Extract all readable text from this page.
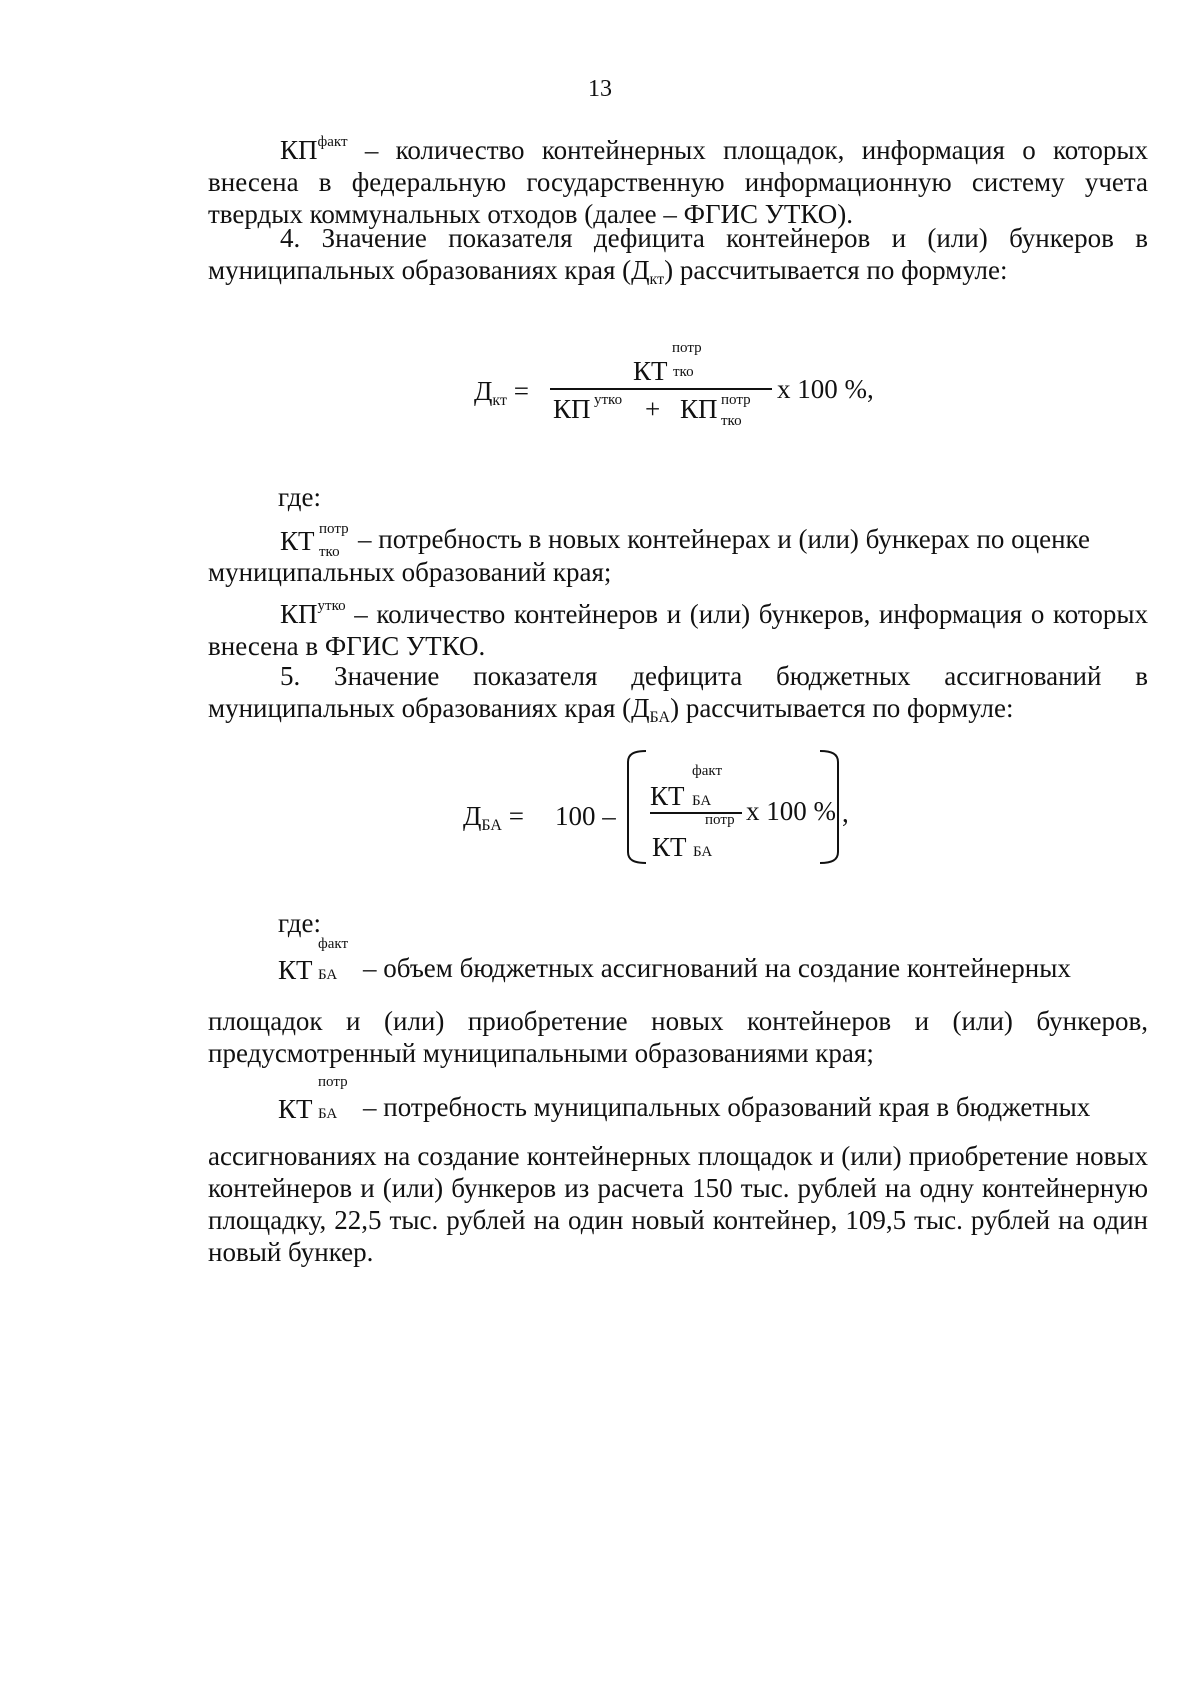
13
$КП^{факт}$ – количество контейнерных площадок, информация о которых внесена в федеральную государственную информационную систему учета твердых коммунальных отходов (далее – ФГИС УТКО).
4. Значение показателя дефицита контейнеров и (или) бункеров в муниципальных образованиях края $(Д_{кт})$ рассчитывается по формуле:
$Д_{кт}$ =
потр
КТ тко
КП утко + КП потр
тко
х 100 %,
где:
КТ потр
тко – потребность в новых контейнерах и (или) бункерах по оценке
муниципальных образований края;
$КП^{утко}$ – количество контейнеров и (или) бункеров, информация о которых внесена в ФГИС УТКО.
5. Значение показателя дефицита бюджетных ассигнований в муниципальных образованиях края $(Д_{БА})$ рассчитывается по формуле:
$Д_{БА} = 100$ –
факт
КТ БА
потр
КТ БА
х 100 % ,
где:
факт
КТ БА – объем бюджетных ассигнований на создание контейнерных
площадок и (или) приобретение новых контейнеров и (или) бункеров, предусмотренный муниципальными образованиями края;
потр
КТ БА – потребность муниципальных образований края в бюджетных
ассигнованиях на создание контейнерных площадок и (или) приобретение новых контейнеров и (или) бункеров из расчета 150 тыс. рублей на одну контейнерную площадку, 22,5 тыс. рублей на один новый контейнер, 109,5 тыс. рублей на один новый бункер.
